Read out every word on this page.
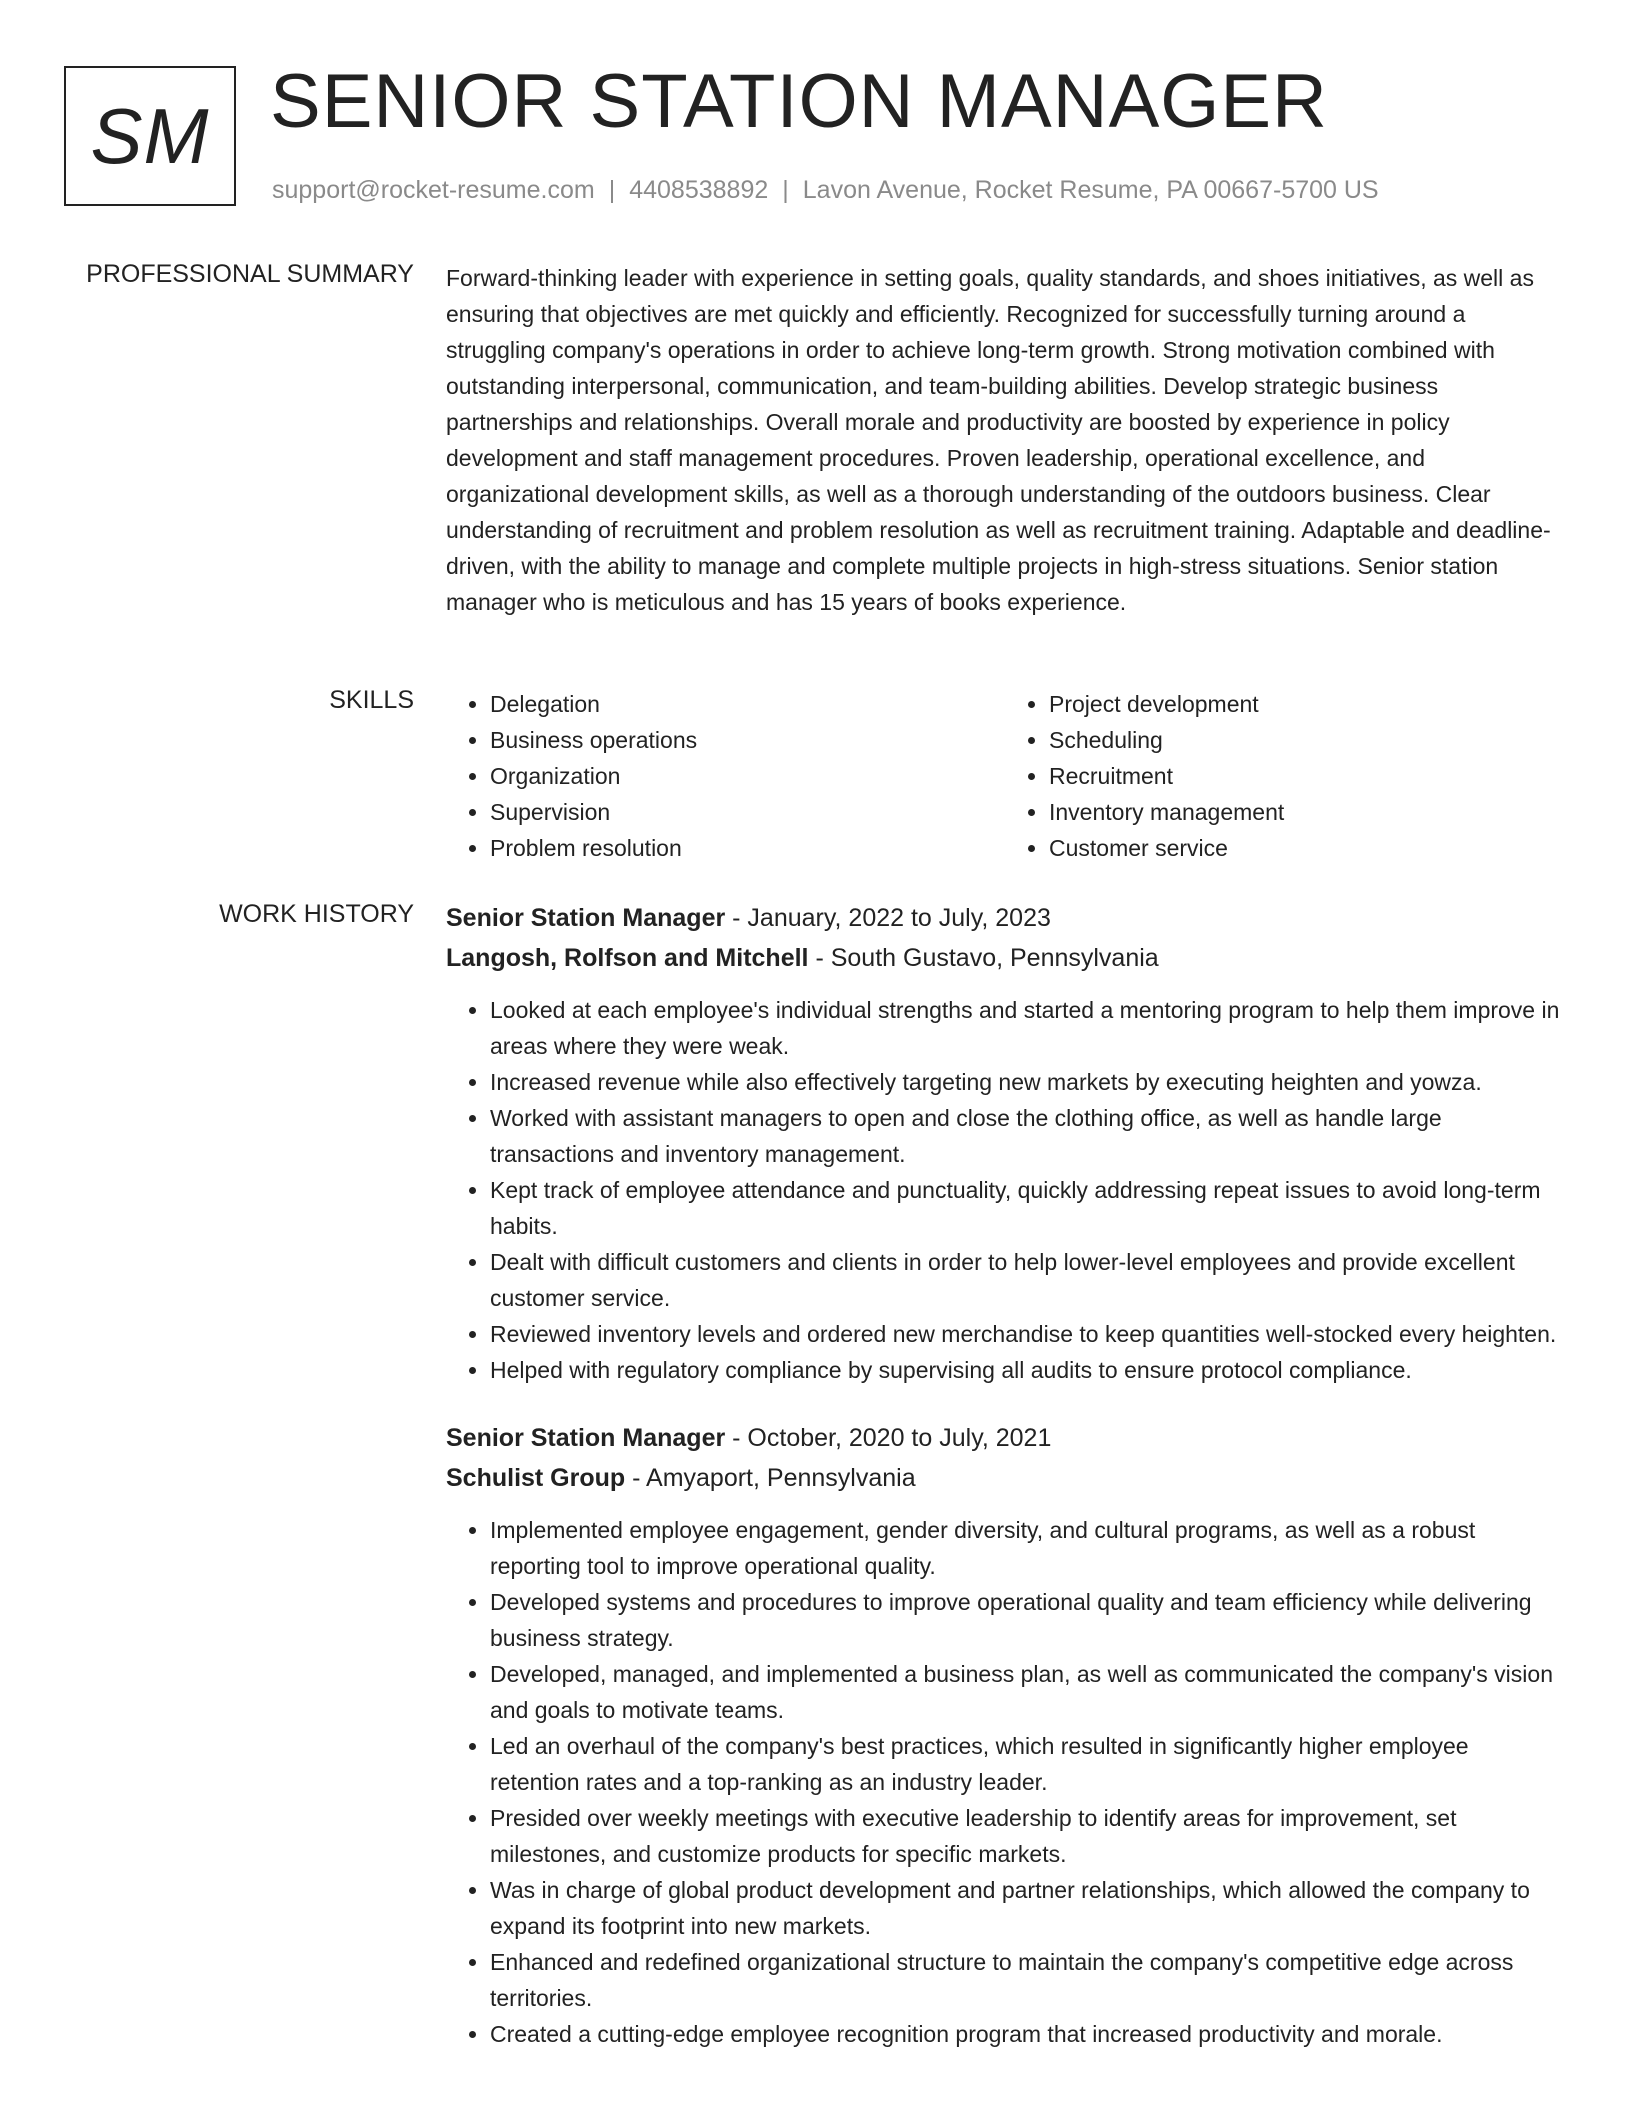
SM SENIOR STATION MANAGER
support@rocket-resume.com | 4408538892 | Lavon Avenue, Rocket Resume, PA 00667-5700 US
PROFESSIONAL SUMMARY Forward-thinking leader with experience in setting goals, quality standards, and shoes initiatives, as well as ensuring that objectives are met quickly and efficiently. Recognized for successfully turning around a struggling company's operations in order to achieve long-term growth. Strong motivation combined with outstanding interpersonal, communication, and team-building abilities. Develop strategic business partnerships and relationships. Overall morale and productivity are boosted by experience in policy development and staff management procedures. Proven leadership, operational excellence, and organizational development skills, as well as a thorough understanding of the outdoors business. Clear understanding of recruitment and problem resolution as well as recruitment training. Adaptable and deadline-driven, with the ability to manage and complete multiple projects in high-stress situations. Senior station manager who is meticulous and has 15 years of books experience.

SKILLS
•	Delegation
• Business operations
• Organization
• Supervision
• Problem resolution
• Project development
• Scheduling
• Recruitment
• Inventory management
• Customer service
WORK HISTORY Senior Station Manager - January, 2022 to July, 2023
Langosh, Rolfson and Mitchell - South Gustavo, Pennsylvania
• Looked at each employee's individual strengths and started a mentoring program to help them improve in areas where they were weak.
• Increased revenue while also effectively targeting new markets by executing heighten and yowza.
• Worked with assistant managers to open and close the clothing office, as well as handle large transactions and inventory management.
• Kept track of employee attendance and punctuality, quickly addressing repeat issues to avoid long-term habits.
• Dealt with difficult customers and clients in order to help lower-level employees and provide excellent customer service.
• Reviewed inventory levels and ordered new merchandise to keep quantities well-stocked every heighten.
• Helped with regulatory compliance by supervising all audits to ensure protocol compliance.
Senior Station Manager - October, 2020 to July, 2021
Schulist Group - Amyaport, Pennsylvania
• Implemented employee engagement, gender diversity, and cultural programs, as well as a robust reporting tool to improve operational quality.
• Developed systems and procedures to improve operational quality and team efficiency while delivering business strategy.
• Developed, managed, and implemented a business plan, as well as communicated the company's vision and goals to motivate teams.
• Led an overhaul of the company's best practices, which resulted in significantly higher employee retention rates and a top-ranking as an industry leader.
• Presided over weekly meetings with executive leadership to identify areas for improvement, set milestones, and customize products for specific markets.
• Was in charge of global product development and partner relationships, which allowed the company to expand its footprint into new markets.
• Enhanced and redefined organizational structure to maintain the company's competitive edge across territories.
• Created a cutting-edge employee recognition program that increased productivity and morale.
